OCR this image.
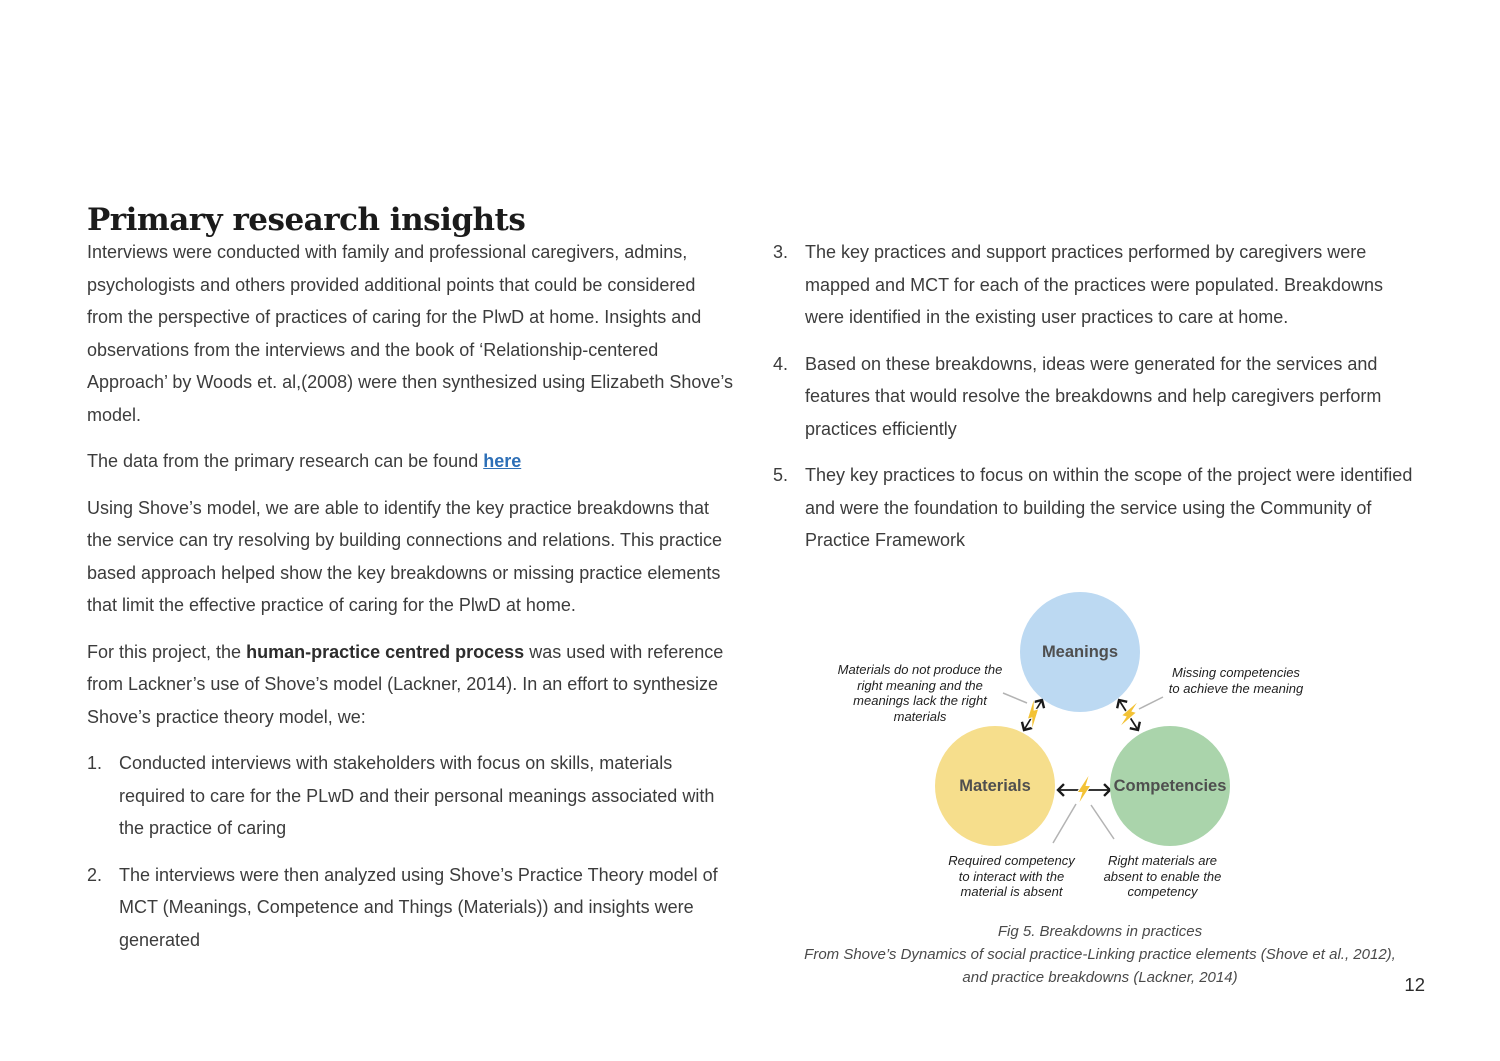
Primary research insights

Interviews were conducted with family and professional caregivers, admins, psychologists and others provided additional points that could be considered from the perspective of practices of caring for the PlwD at home. Insights and observations from the interviews and the book of ‘Relationship-centered Approach’ by Woods et. al,(2008) were then synthesized using Elizabeth Shove’s model.

The data from the primary research can be found here

Using Shove’s model, we are able to identify the key practice breakdowns that the service can try resolving by building connections and relations. This practice based approach helped show the key breakdowns or missing practice elements that limit the effective practice of caring for the PlwD at home.

For this project, the human-practice centred process was used with reference from Lackner’s use of Shove’s model (Lackner, 2014). In an effort to synthesize Shove’s practice theory model, we:

1. Conducted interviews with stakeholders with focus on skills, materials required to care for the PLwD and their personal meanings associated with the practice of caring
2. The interviews were then analyzed using Shove’s Practice Theory model of MCT (Meanings, Competence and Things (Materials)) and insights were generated
3. The key practices and support practices performed by caregivers were mapped and MCT for each of the practices were populated. Breakdowns were identified in the existing user practices to care at home.
4. Based on these breakdowns, ideas were generated for the services and features that would resolve the breakdowns and help caregivers perform practices efficiently
5. They key practices to focus on within the scope of the project were identified and were the foundation to building the service using the Community of Practice Framework
Meanings
Materials	Competencies
Materials do not produce the
right meaning and the
meanings lack the right
materials
Missing competencies
to achieve the meaning
Required competency
to interact with the
material is absent
Right materials are
absent to enable the
competency
Fig 5. Breakdowns in practices
From Shove’s Dynamics of social practice-Linking practice elements (Shove et al., 2012),
and practice breakdowns (Lackner, 2014)	12
